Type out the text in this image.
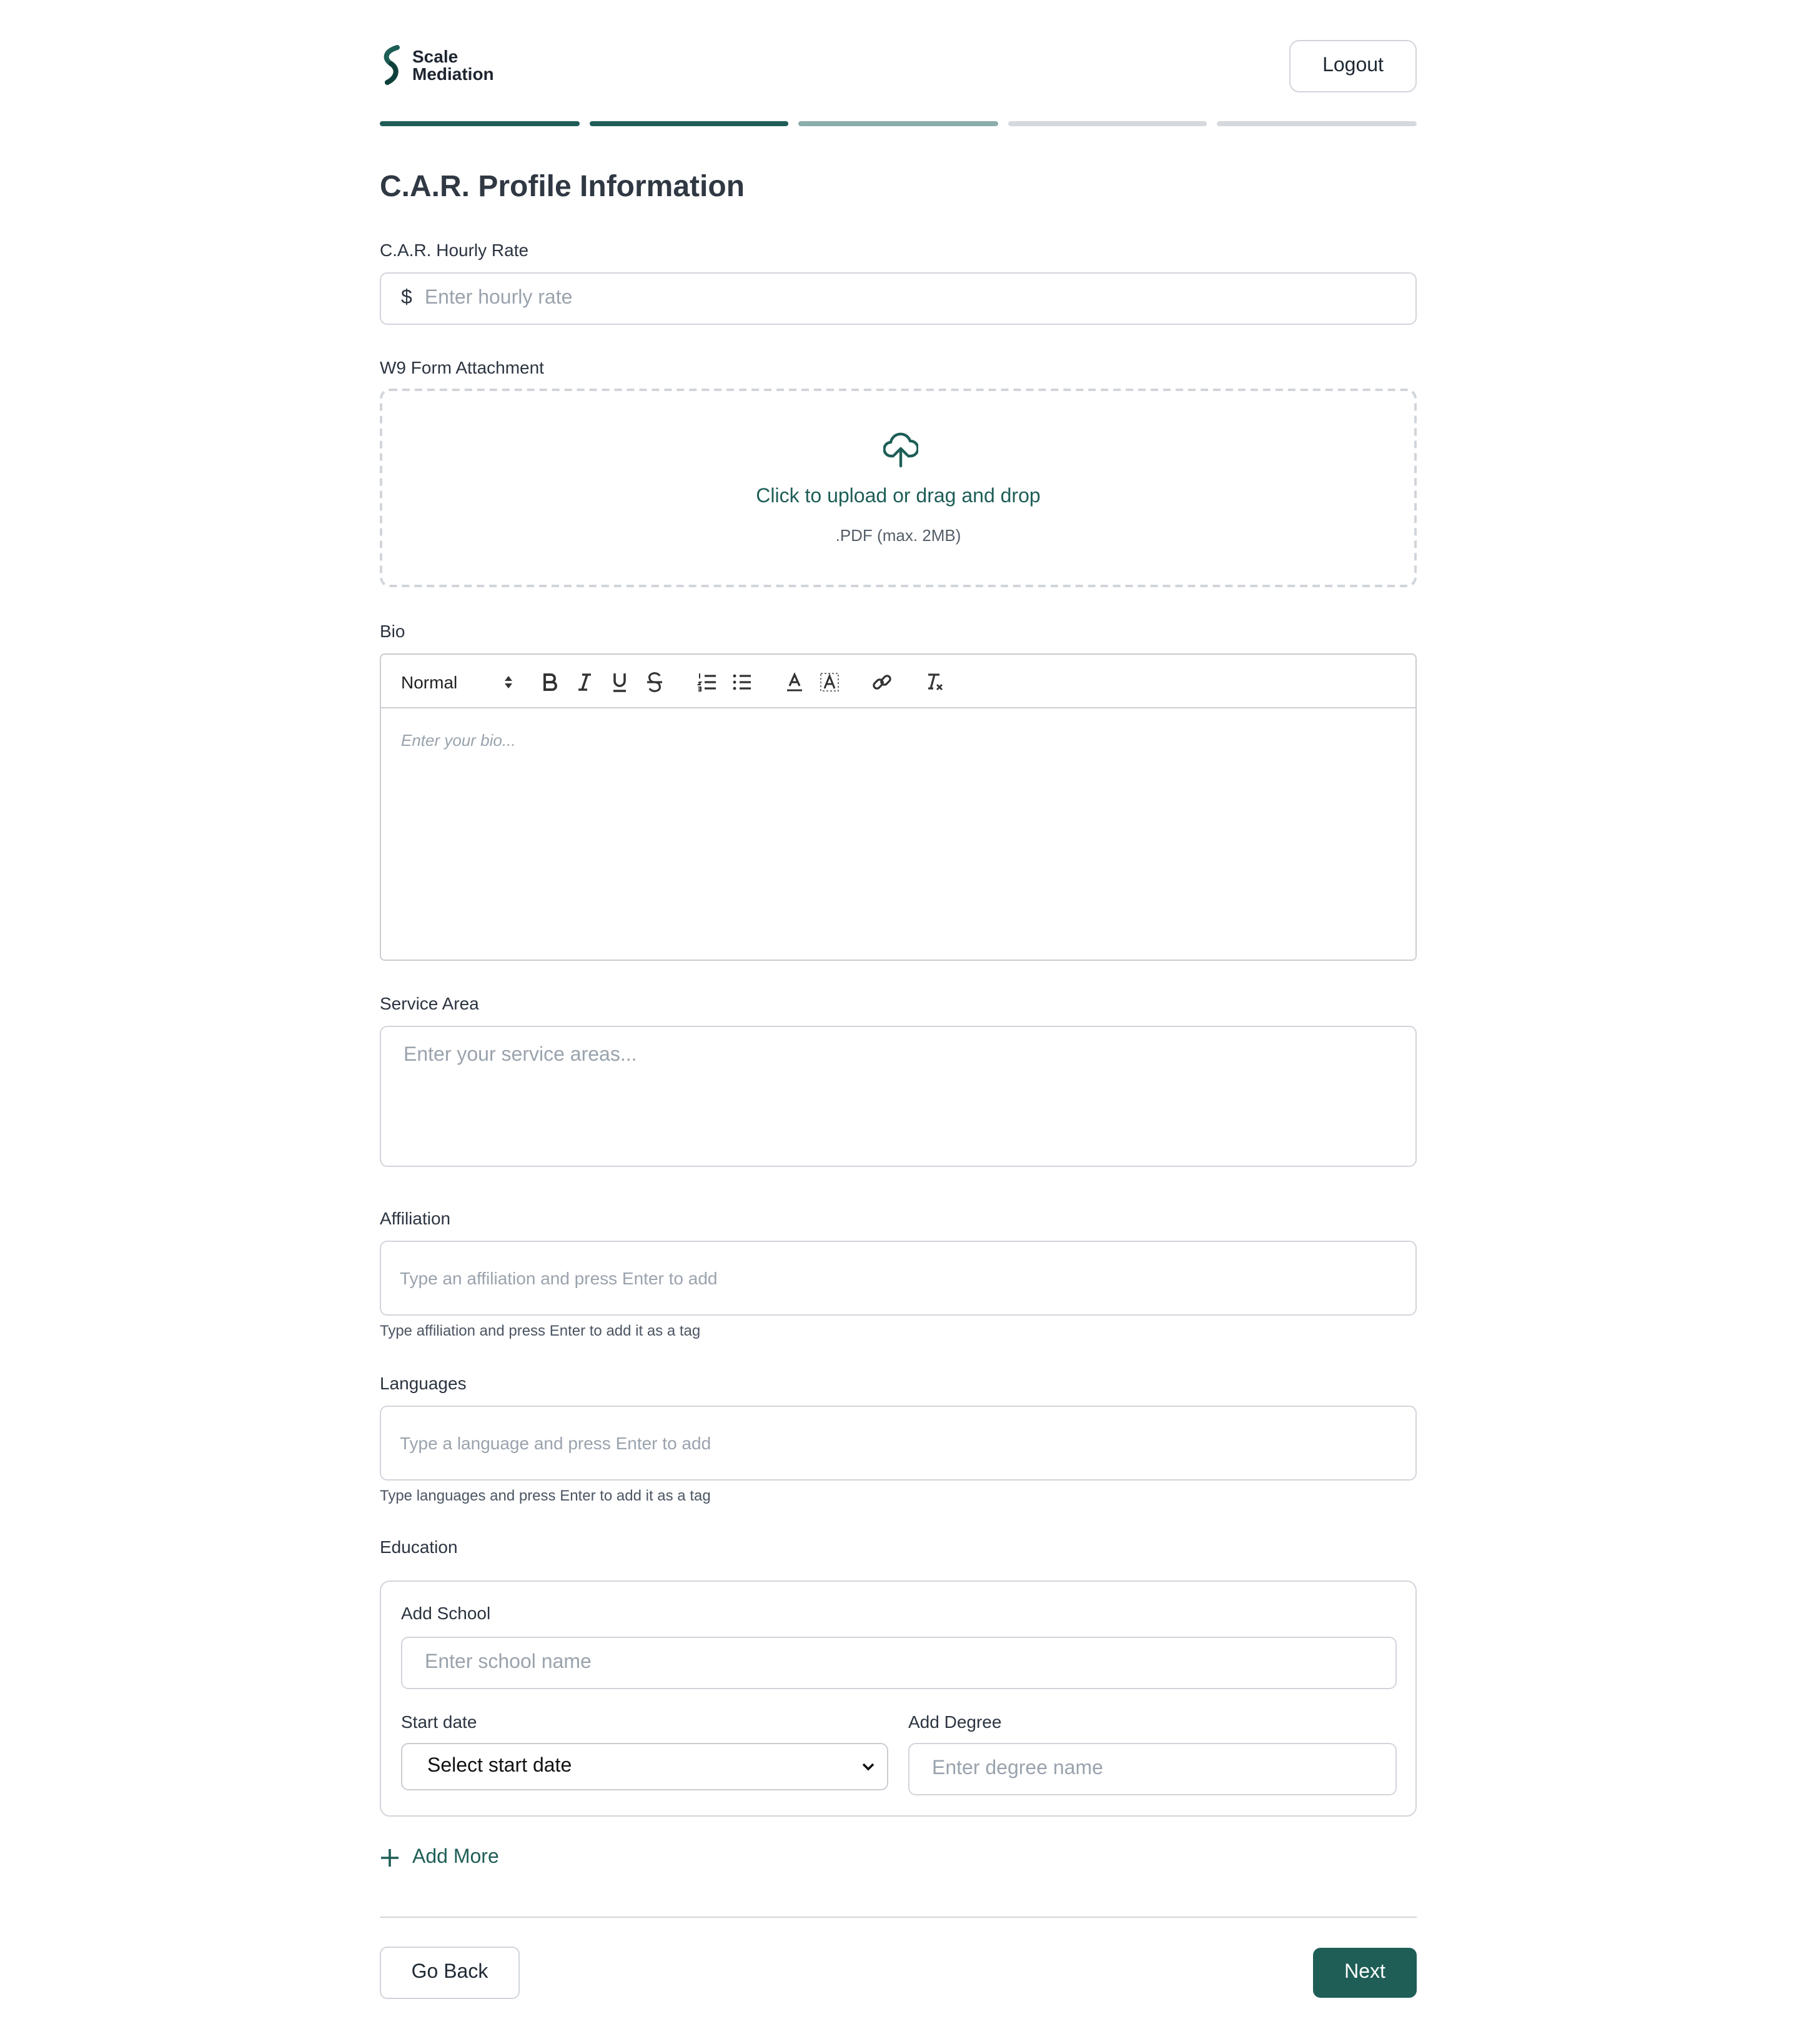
Scale
Mediation	Logout
C.A.R. Profile Information
C.A.R. Hourly Rate
$
Enter hourly rate
W9 Form Attachment
Click to upload or drag and drop
.PDF (max. 2MB)
Bio
Normal
Enter your bio...
Service Area
Enter your service areas...
Affiliation
Type an affiliation and press Enter to add
Type affiliation and press Enter to add it as a tag
Languages
Type a language and press Enter to add
Type languages and press Enter to add it as a tag
Education
Add School
Enter school name
Start date	Add Degree
Select start date
Enter degree name
Add More
Go Back	Next
